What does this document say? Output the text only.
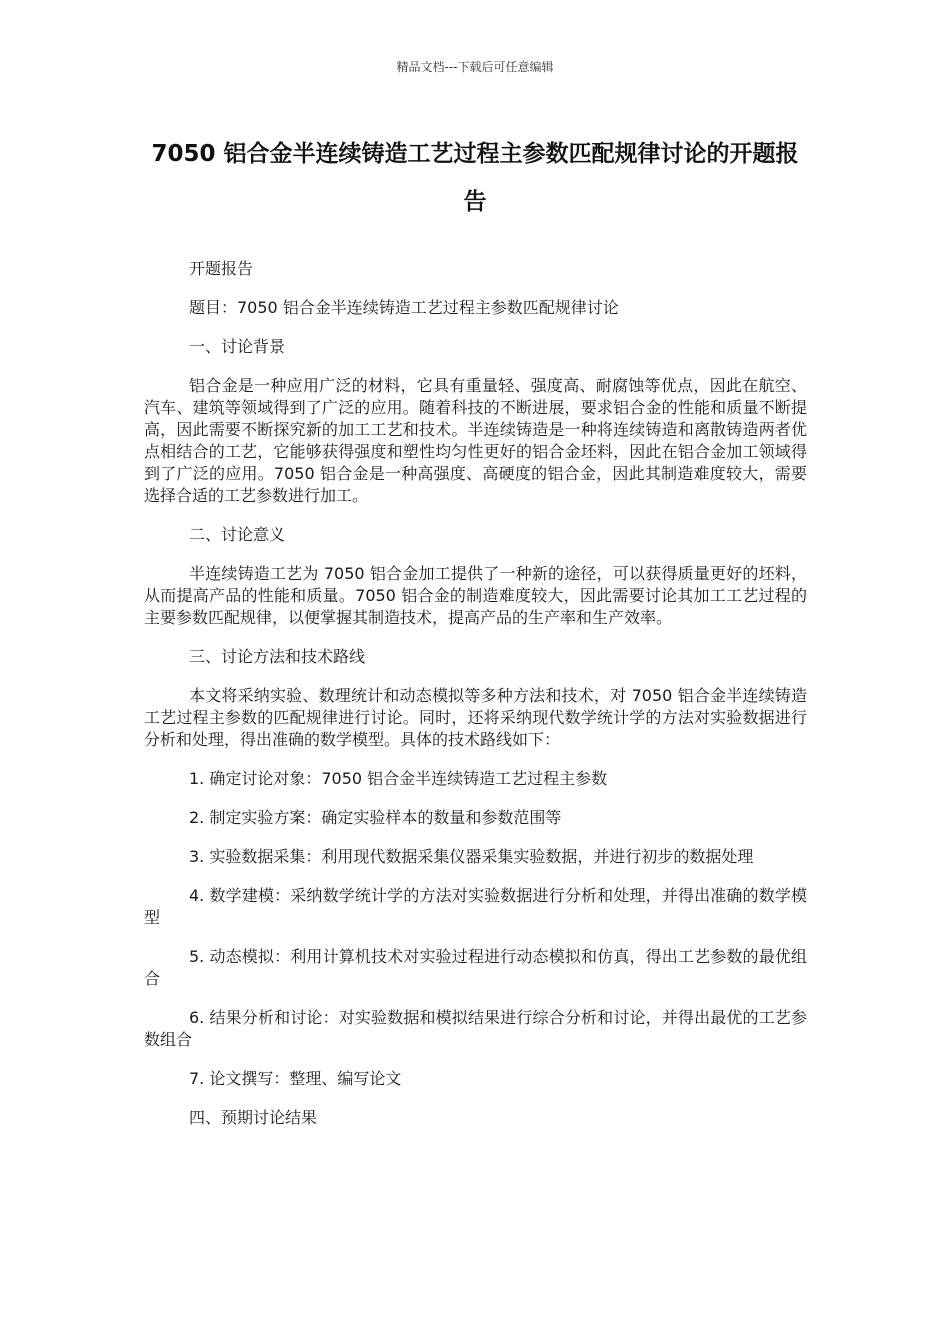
精品文档---下载后可任意编辑
7050 铝合金半连续铸造工艺过程主参数匹配规律讨论的开题报告

开题报告

题目：7050 铝合金半连续铸造工艺过程主参数匹配规律讨论

一、讨论背景

铝合金是一种应用广泛的材料，它具有重量轻、强度高、耐腐蚀等优点，因此在航空、汽车、建筑等领域得到了广泛的应用。随着科技的不断进展，要求铝合金的性能和质量不断提高，因此需要不断探究新的加工工艺和技术。半连续铸造是一种将连续铸造和离散铸造两者优点相结合的工艺，它能够获得强度和塑性均匀性更好的铝合金坯料，因此在铝合金加工领域得到了广泛的应用。7050 铝合金是一种高强度、高硬度的铝合金，因此其制造难度较大，需要选择合适的工艺参数进行加工。

二、讨论意义

半连续铸造工艺为 7050 铝合金加工提供了一种新的途径，可以获得质量更好的坯料，从而提高产品的性能和质量。7050 铝合金的制造难度较大，因此需要讨论其加工工艺过程的主要参数匹配规律，以便掌握其制造技术，提高产品的生产率和生产效率。

三、讨论方法和技术路线

本文将采纳实验、数理统计和动态模拟等多种方法和技术，对 7050 铝合金半连续铸造工艺过程主参数的匹配规律进行讨论。同时，还将采纳现代数学统计学的方法对实验数据进行分析和处理，得出准确的数学模型。具体的技术路线如下：

1. 确定讨论对象：7050 铝合金半连续铸造工艺过程主参数

2. 制定实验方案：确定实验样本的数量和参数范围等

3. 实验数据采集：利用现代数据采集仪器采集实验数据，并进行初步的数据处理

4. 数学建模：采纳数学统计学的方法对实验数据进行分析和处理，并得出准确的数学模型

5. 动态模拟：利用计算机技术对实验过程进行动态模拟和仿真，得出工艺参数的最优组合

6. 结果分析和讨论：对实验数据和模拟结果进行综合分析和讨论，并得出最优的工艺参数组合

7. 论文撰写：整理、编写论文

四、预期讨论结果
